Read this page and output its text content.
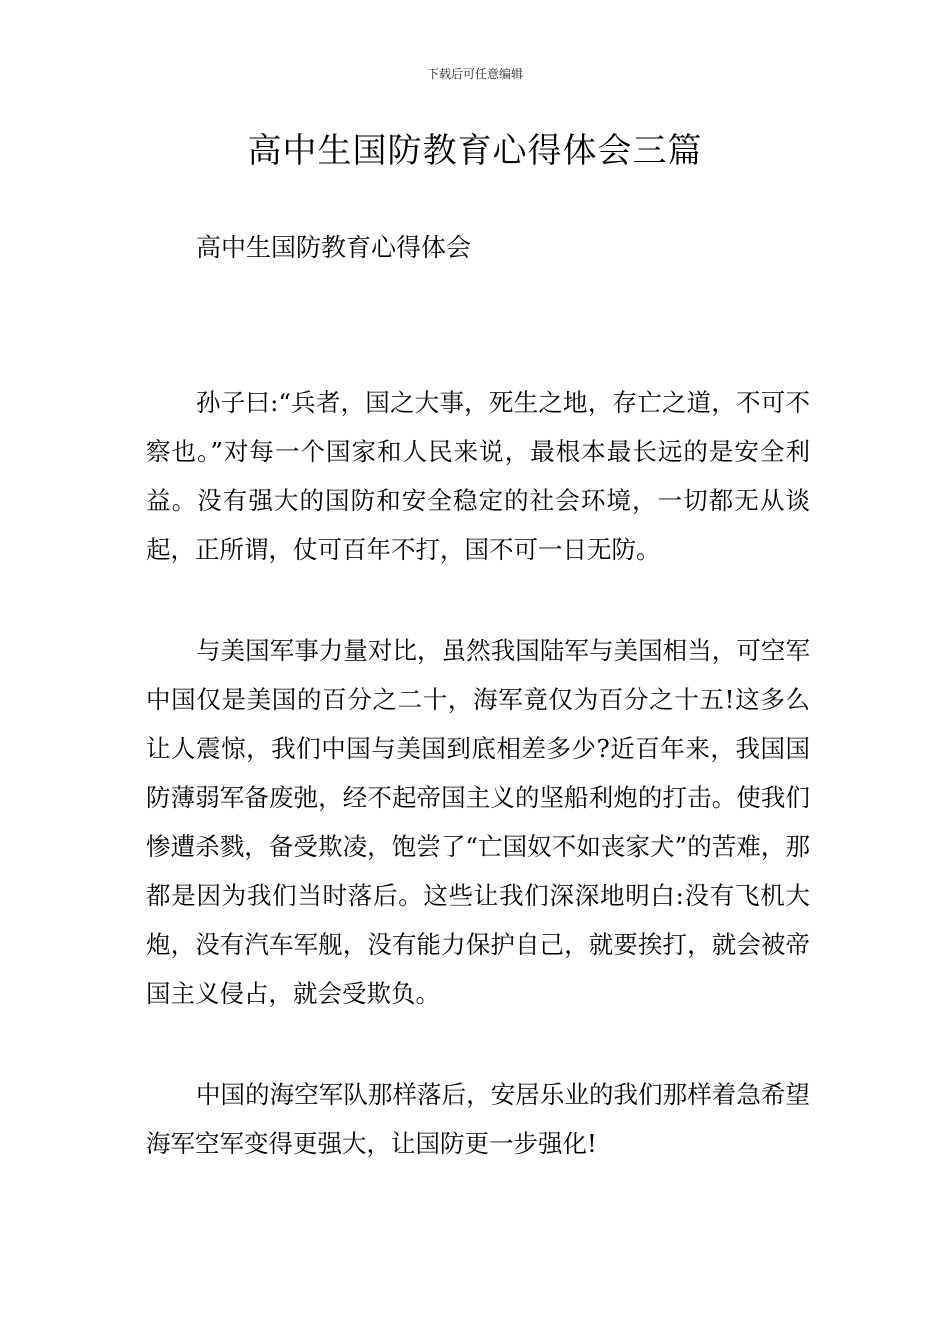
下载后可任意编辑
高中生国防教育心得体会三篇

高中生国防教育心得体会

孙子曰:“兵者，国之大事，死生之地，存亡之道，不可不察也。”对每一个国家和人民来说，最根本最长远的是安全利益。没有强大的国防和安全稳定的社会环境，一切都无从谈起，正所谓，仗可百年不打，国不可一日无防。

与美国军事力量对比，虽然我国陆军与美国相当，可空军中国仅是美国的百分之二十，海军竟仅为百分之十五!这多么让人震惊，我们中国与美国到底相差多少?近百年来，我国国防薄弱军备废弛，经不起帝国主义的坚船利炮的打击。使我们惨遭杀戮，备受欺凌，饱尝了“亡国奴不如丧家犬”的苦难，那都是因为我们当时落后。这些让我们深深地明白:没有飞机大炮，没有汽车军舰，没有能力保护自己，就要挨打，就会被帝国主义侵占，就会受欺负。

中国的海空军队那样落后，安居乐业的我们那样着急希望海军空军变得更强大，让国防更一步强化!
